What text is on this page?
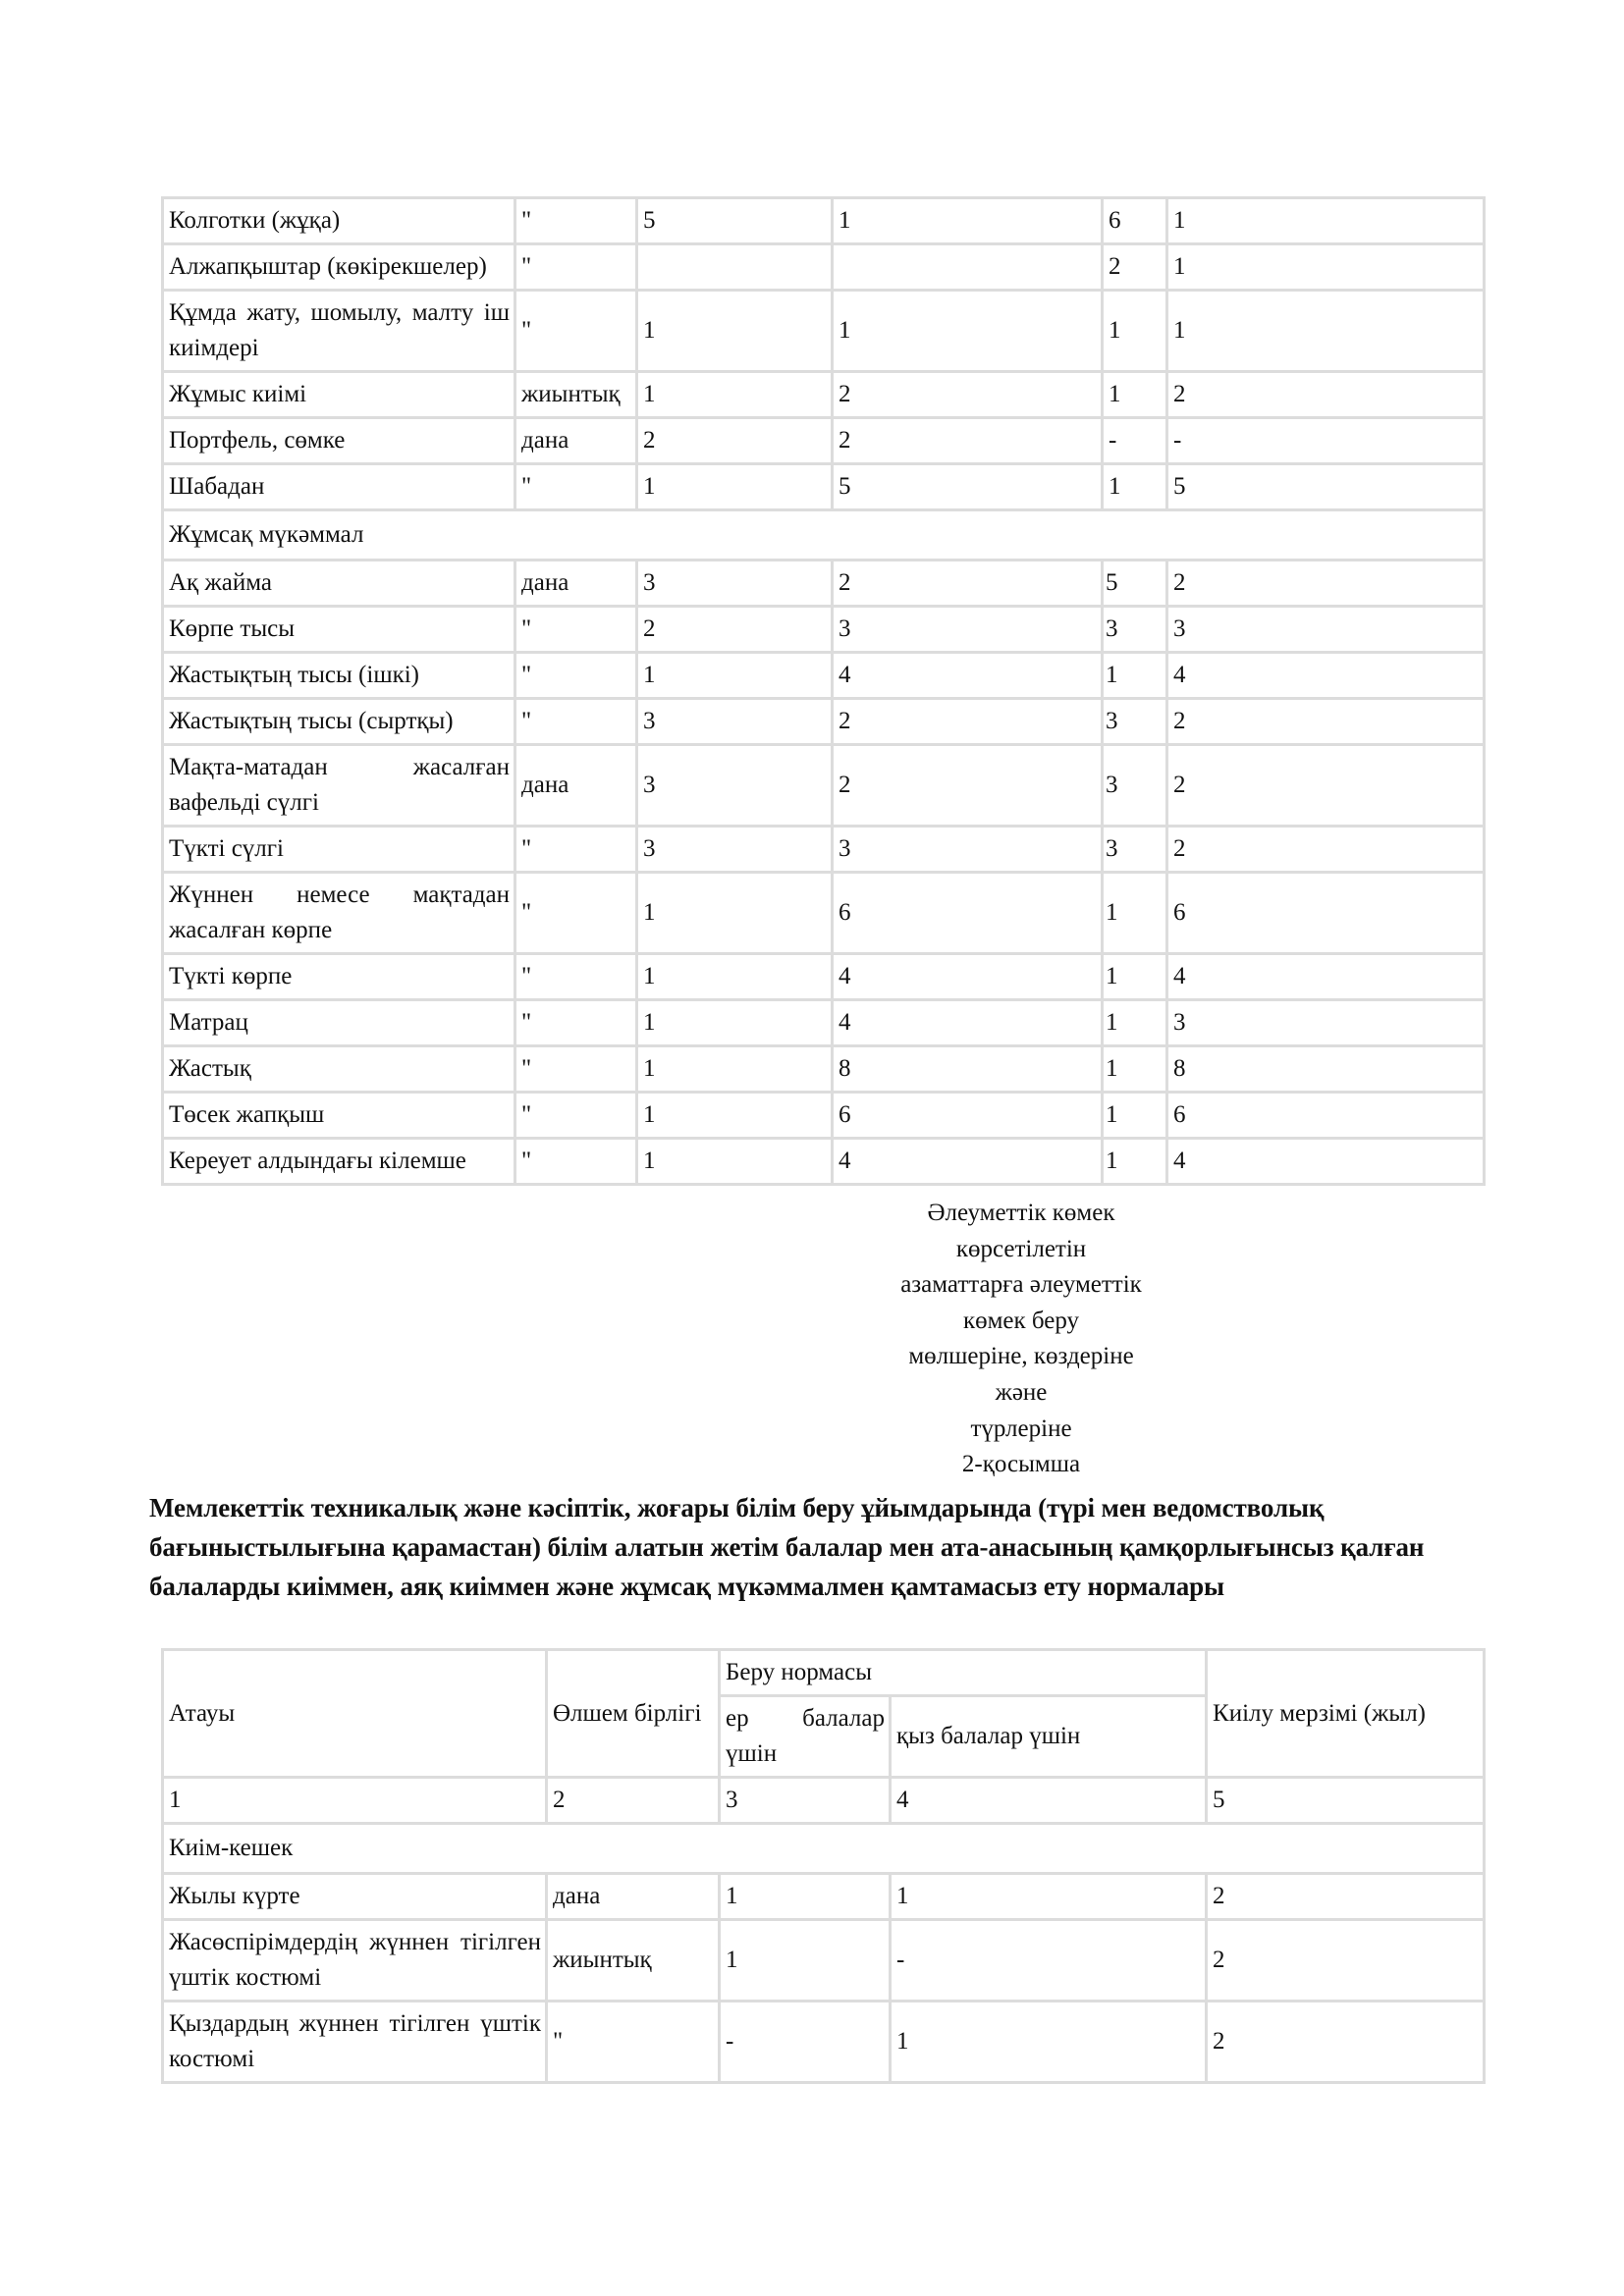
Колготки (жұқа)	"	5	1	6	1
Алжапқыштар (көкірекшелер)	"			2	1
Құмда жату, шомылу, малту іш киімдері	"	1	1	1	1
Жұмыс киімі	жиынтық	1	2	1	2
Портфель, сөмке	дана	2	2	-	-
Шабадан	"	1	5	1	5
Жұмсақ мүкәммал					
Ақ жайма	дана	3	2	5	2
Көрпе тысы	"	2	3	3	3
Жастықтың тысы (ішкі)	"	1	4	1	4
Жастықтың тысы (сыртқы)	"	3	2	3	2
Мақта-матадан жасалған вафельді сүлгі	дана	3	2	3	2
Түкті сүлгі	"	3	3	3	2
Жүннен немесе мақтадан жасалған көрпе	"	1	6	1	6
Түкті көрпе	"	1	4	1	4
Матрац	"	1	4	1	3
Жастық	"	1	8	1	8
Төсек жапқыш	"	1	6	1	6
Кереует алдындағы кілемше	"	1	4	1	4
Әлеуметтік көмек
көрсетілетін
азаматтарға әлеуметтік
көмек беру
мөлшеріне, көздеріне
және
түрлеріне
2-қосымша
Мемлекеттік техникалық және кәсіптік, жоғары білім беру ұйымдарында (түрі мен ведомстволық бағыныстылығына қарамастан) білім алатын жетім балалар мен ата-анасының қамқорлығынсыз қалған балаларды киіммен, аяқ киіммен және жұмсақ мүкәммалмен қамтамасыз ету нормалары
Атауы	Өлшем бірлігі	Беру нормасы		Киілу мерзімі (жыл)
		ер балалар үшін	қыз балалар үшін	
1	2	3	4	5
Киім-кешек				
Жылы күрте	дана	1	1	2
Жасөспірімдердің жүннен тігілген үштік костюмі	жиынтық	1	-	2
Қыздардың жүннен тігілген үштік костюмі	"	-	1	2
